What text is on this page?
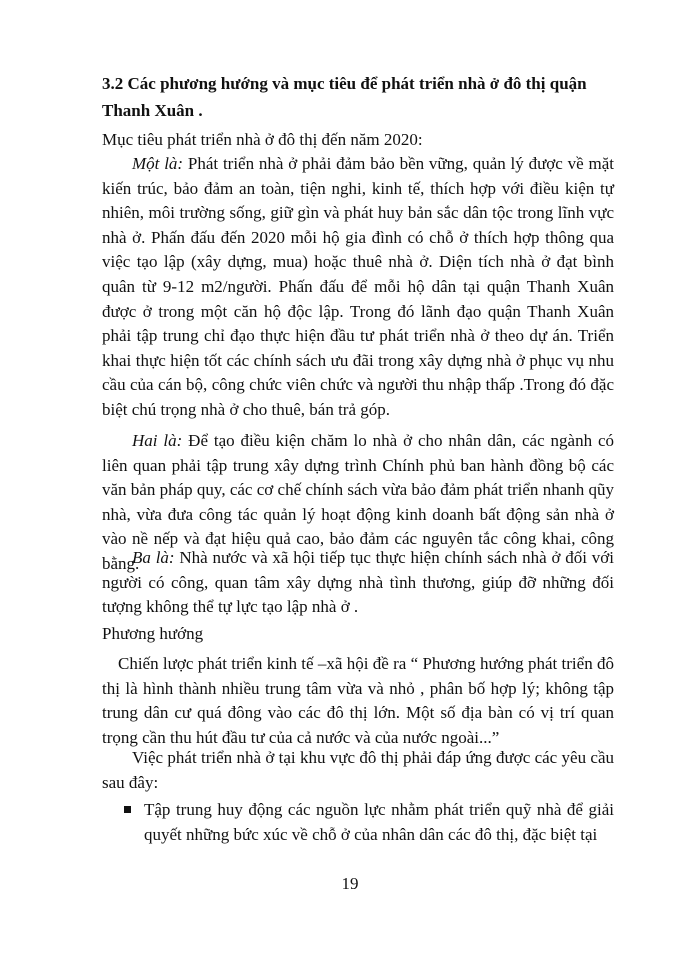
3.2 Các phương hướng và mục tiêu để phát triển nhà ở đô thị quận Thanh Xuân .

Mục tiêu phát triển nhà ở đô thị đến năm 2020:

Một là: Phát triển nhà ở phải đảm bảo bền vững, quản lý được về mặt kiến trúc, bảo đảm an toàn, tiện nghi, kinh tế, thích hợp với điều kiện tự nhiên, môi trường sống, giữ gìn và phát huy bản sắc dân tộc trong lĩnh vực nhà ở. Phấn đấu đến 2020 mỗi hộ gia đình có chỗ ở thích hợp thông qua việc tạo lập (xây dựng, mua) hoặc thuê nhà ở. Diện tích nhà ở đạt bình quân từ 9-12 m2/người. Phấn đấu để mỗi hộ dân tại quận Thanh Xuân được ở trong một căn hộ độc lập. Trong đó lãnh đạo quận Thanh Xuân phải tập trung chỉ đạo thực hiện đầu tư phát triển nhà ở theo dự án. Triển khai thực hiện tốt các chính sách ưu đãi trong xây dựng nhà ở phục vụ nhu cầu của cán bộ, công chức viên chức và người thu nhập thấp .Trong đó đặc biệt chú trọng nhà ở cho thuê, bán trả góp.

Hai là: Để tạo điều kiện chăm lo nhà ở cho nhân dân, các ngành có liên quan phải tập trung xây dựng trình Chính phủ ban hành đồng bộ các văn bản pháp quy, các cơ chế chính sách vừa bảo đảm phát triển nhanh qũy nhà, vừa đưa công tác quản lý hoạt động kinh doanh bất động sản nhà ở vào nề nếp và đạt hiệu quả cao, bảo đảm các nguyên tắc công khai, công bằng.

Ba là: Nhà nước và xã hội tiếp tục thực hiện chính sách nhà ở đối với người có công, quan tâm xây dựng nhà tình thương, giúp đỡ những đối tượng không thể tự lực tạo lập nhà ở .

Phương hướng

Chiến lược phát triển kinh tế –xã hội đề ra “ Phương hướng phát triển đô thị là hình thành nhiều trung tâm vừa và nhỏ , phân bố hợp lý; không tập trung dân cư quá đông vào các đô thị lớn. Một số địa bàn có vị trí quan trọng cần thu hút đầu tư của cả nước và của nước ngoài...”

Việc phát triển nhà ở tại khu vực đô thị phải đáp ứng được các yêu cầu sau đây:

Tập trung huy động các nguồn lực nhằm phát triển quỹ nhà để giải quyết những bức xúc về chỗ ở của nhân dân các đô thị, đặc biệt tại

19
